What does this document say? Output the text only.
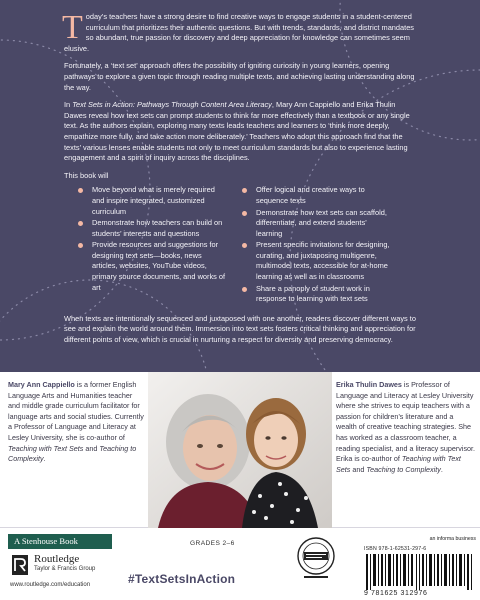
Today’s teachers have a strong desire to find creative ways to engage students in a student-centered curriculum that prioritizes their authentic questions. But with trends, standards, and district mandates so abundant, true passion for discovery and deep appreciation for knowledge can sometimes seem elusive.

Fortunately, a ‘text set’ approach offers the possibility of igniting curiosity in young learners, opening pathways to explore a given topic through reading multiple texts, and achieving lasting understanding along the way.

In Text Sets in Action: Pathways Through Content Area Literacy, Mary Ann Cappiello and Erika Thulin Dawes reveal how text sets can prompt students to think far more effectively than a textbook or any single text. As the authors explain, exploring many texts leads teachers and learners to ‘think more deeply, empathize more fully, and take action more deliberately.’ Teachers who adopt this approach find that the texts’ various lenses enable students not only to meet curriculum standards but also to experience lasting engagement and a spirit of inquiry across the disciplines.

This book will

Move beyond what is merely required and inspire integrated, customized curriculum
Demonstrate how teachers can build on students’ interests and questions
Provide resources and suggestions for designing text sets—books, news articles, websites, YouTube videos, primary source documents, and works of art
Offer logical and creative ways to sequence texts
Demonstrate how text sets can scaffold, differentiate, and extend students’ learning
Present specific invitations for designing, curating, and juxtaposing multigenre, multimodel texts, accessible for at-home learning as well as in classrooms
Share a panoply of student work in response to learning with text sets

When texts are intentionally sequenced and juxtaposed with one another, readers discover different ways to see and explain the world around them. Immersion into text sets fosters critical thinking and appreciation for different points of view, which is crucial in nurturing a respect for diversity and preserving democracy.

Mary Ann Cappiello is a former English Language Arts and Humanities teacher and middle grade curriculum facilitator for language arts and social studies. Currently a Professor of Language and Literacy at Lesley University, she is co-author of Teaching with Text Sets and Teaching to Complexity.
Erika Thulin Dawes is Professor of Language and Literacy at Lesley University where she strives to equip teachers with a passion for children’s literature and a wealth of creative teaching strategies. She has worked as a classroom teacher, a reading specialist, and a literacy supervisor. Erika is co-author of Teaching with Text Sets and Teaching to Complexity.
A Stenhouse Book
Routledge
Taylor & Francis Group
www.routledge.com/education
GRADES 2–6
#TextSetsInAction
an informa business
ISBN 978-1-62531-297-6
9 781625 312976
